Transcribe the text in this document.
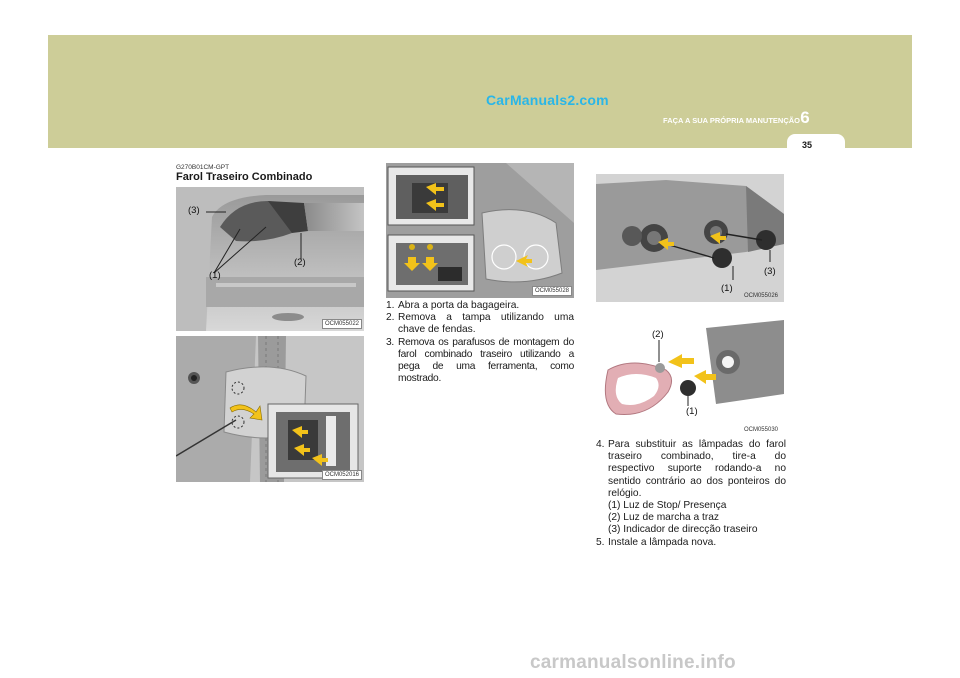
CarManuals2.com
FAÇA A SUA PRÓPRIA MANUTENÇÃO 6
35
G270B01CM-GPT
Farol Traseiro Combinado
(3)
(1)
(2)
OCM055022
OCM052016
OCM055028
(3)
(1)
OCM055026
(2)
(1)
OCM055030

1. Abra a porta da bagageira.

2. Remova a tampa utilizando uma chave de fendas.

3. Remova os parafusos de montagem do farol combinado traseiro utilizando a pega de uma ferramenta, como mostrado.

4. Para substituir as lâmpadas do farol traseiro combinado, tire-a do respectivo suporte rodando-a no sentido contrário ao dos ponteiros do relógio.

(1) Luz de Stop/ Presença

(2) Luz de marcha a traz

(3) Indicador de direcção traseiro

5. Instale a lâmpada nova.

carmanualsonline.info
